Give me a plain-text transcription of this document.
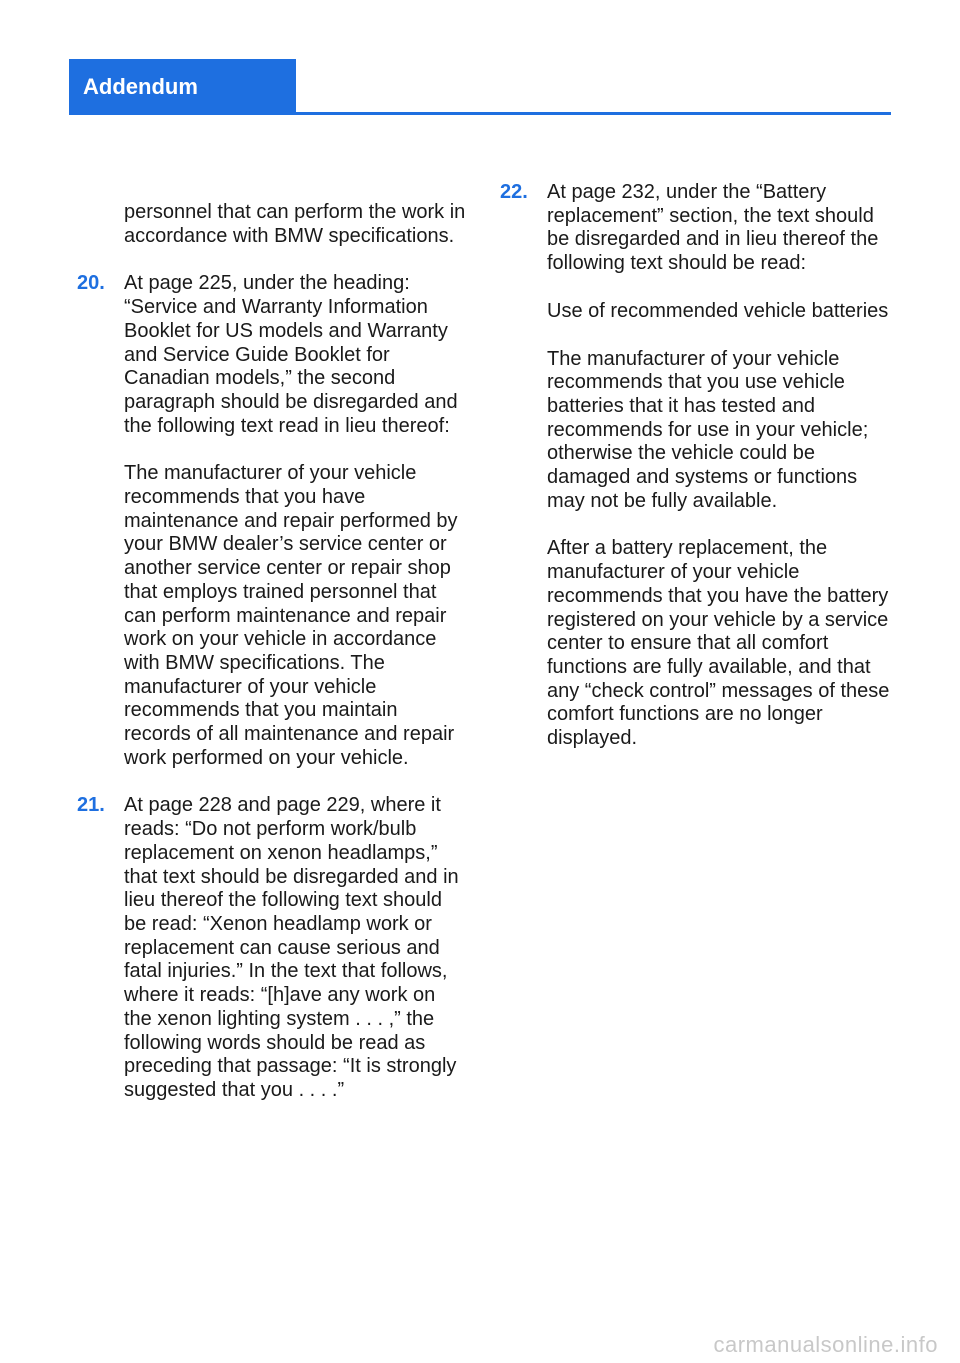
Addendum

personnel that can perform the work in accordance with BMW specifications.

20. At page 225, under the heading: “Service and Warranty Information Booklet for US models and Warranty and Service Guide Booklet for Canadian models,” the second paragraph should be disregarded and the following text read in lieu thereof:

The manufacturer of your vehicle recommends that you have maintenance and repair performed by your BMW dealer’s service center or another service center or repair shop that employs trained personnel that can perform maintenance and repair work on your vehicle in accordance with BMW specifications. The manufacturer of your vehicle recommends that you maintain records of all maintenance and repair work performed on your vehicle.

21. At page 228 and page 229, where it reads: “Do not perform work/bulb replacement on xenon headlamps,” that text should be disregarded and in lieu thereof the following text should be read: “Xenon headlamp work or replacement can cause serious and fatal injuries.” In the text that follows, where it reads: “[h]ave any work on the xenon lighting system . . . ,” the following words should be read as preceding that passage: “It is strongly suggested that you . . . .”

22. At page 232, under the “Battery replacement” section, the text should be disregarded and in lieu thereof the following text should be read:

Use of recommended vehicle batteries

The manufacturer of your vehicle recommends that you use vehicle batteries that it has tested and recommends for use in your vehicle; otherwise the vehicle could be damaged and systems or functions may not be fully available.

After a battery replacement, the manufacturer of your vehicle recommends that you have the battery registered on your vehicle by a service center to ensure that all comfort functions are fully available, and that any “check control” messages of these comfort functions are no longer displayed.

carmanualsonline.info
